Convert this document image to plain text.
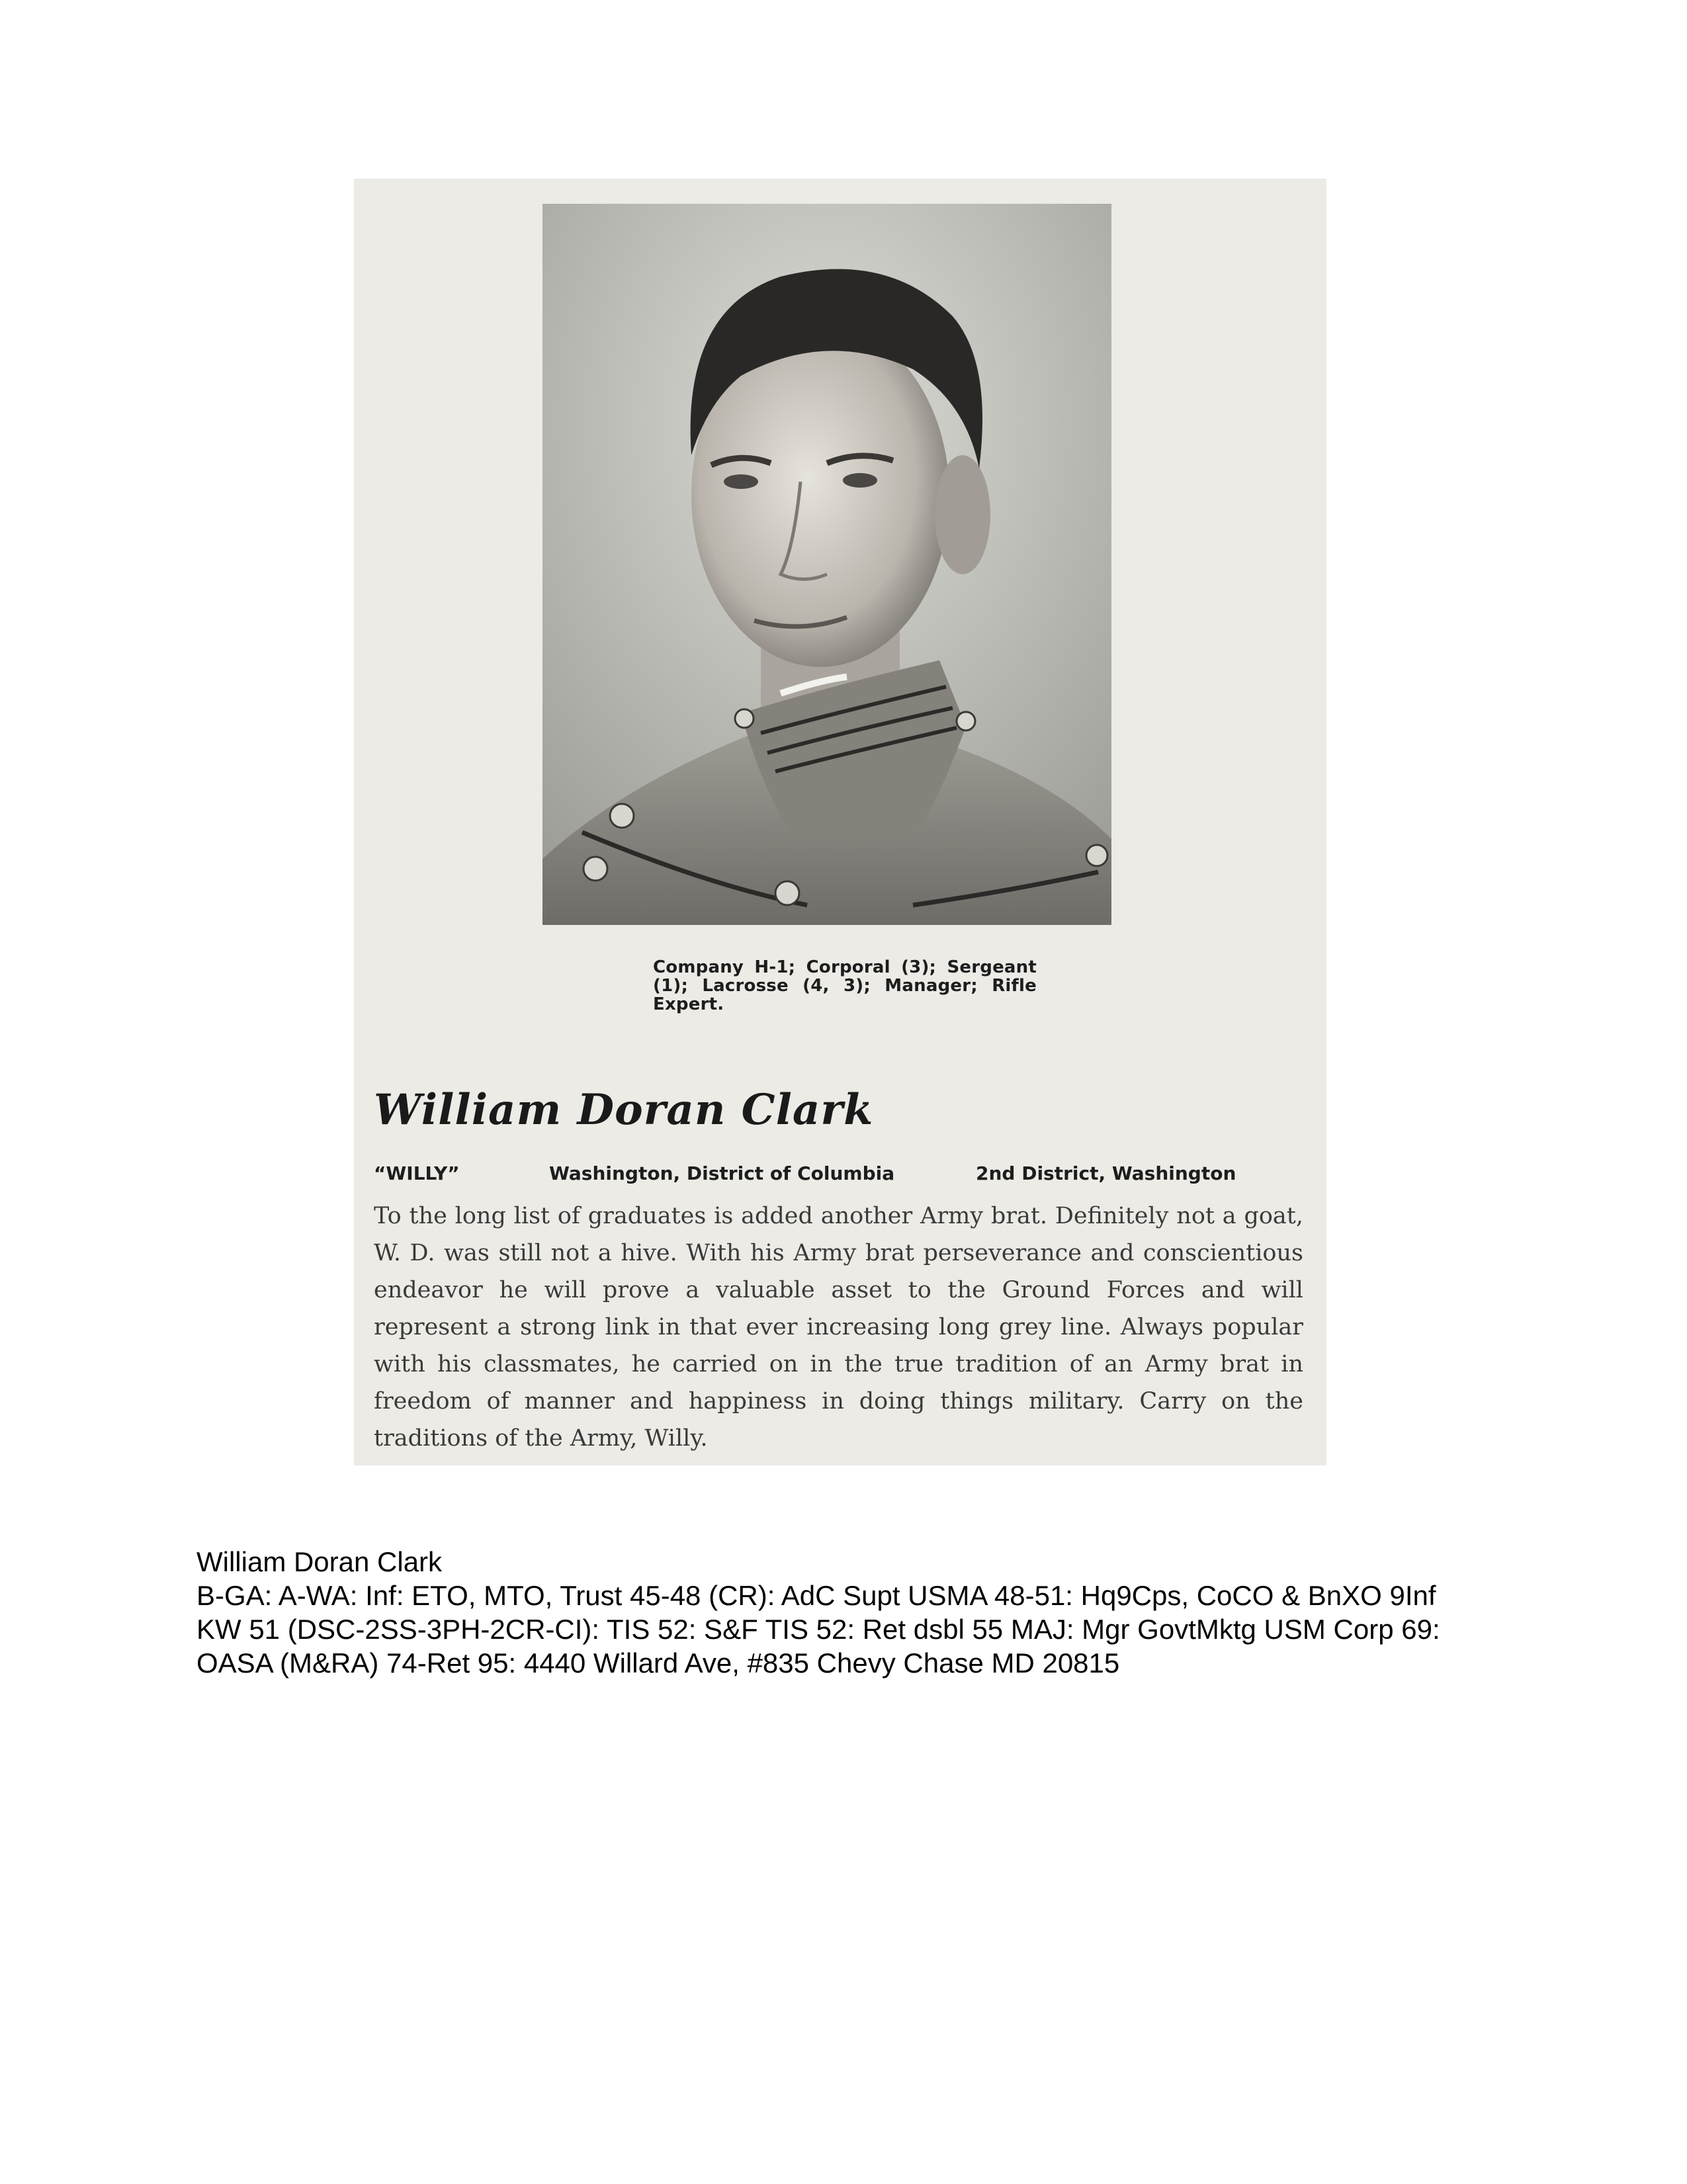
Company H-1; Corporal (3); Sergeant (1); Lacrosse (4, 3); Manager; Rifle Expert.
William Doran Clark
“WILLY”	Washington, District of Columbia	2nd District, Washington
To the long list of graduates is added another Army brat. Definitely not a goat, W. D. was still not a hive. With his Army brat perseverance and conscientious endeavor he will prove a valuable asset to the Ground Forces and will represent a strong link in that ever increasing long grey line. Always popular with his classmates, he carried on in the true tradition of an Army brat in freedom of manner and happiness in doing things military. Carry on the traditions of the Army, Willy.
William Doran Clark
B-GA: A-WA: Inf: ETO, MTO, Trust 45-48 (CR): AdC Supt USMA 48-51: Hq9Cps, CoCO & BnXO 9Inf KW 51 (DSC-2SS-3PH-2CR-CI): TIS 52: S&F TIS 52: Ret dsbl 55 MAJ: Mgr GovtMktg USM Corp 69: OASA (M&RA) 74-Ret 95: 4440 Willard Ave, #835 Chevy Chase MD 20815
